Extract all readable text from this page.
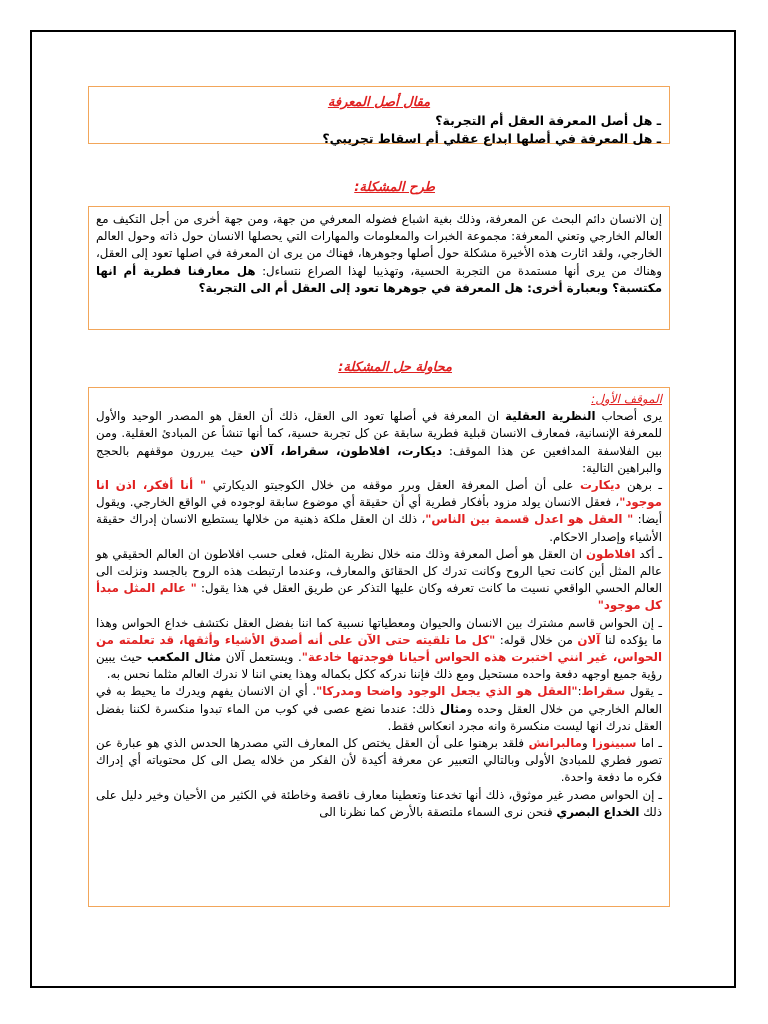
مقال أصل المعرفة

ـ هل أصل المعرفة العقل أم التجربة؟

ـ هل المعرفة في أصلها ابداع عقلي أم اسقاط تجريبي؟

طرح المشكلة:

إن الانسان دائم البحث عن المعرفة، وذلك بغية اشباع فضوله المعرفي من جهة، ومن جهة أخرى من أجل التكيف مع العالم الخارجي وتعني المعرفة: مجموعة الخبرات والمعلومات والمهارات التي يحصلها الانسان حول ذاته وحول العالم الخارجي، ولقد اثارت هذه الأخيرة مشكلة حول أصلها وجوهرها، فهناك من يرى ان المعرفة في اصلها تعود إلى العقل، وهناك من يرى أنها مستمدة من التجربة الحسية، وتهذيبا لهذا الصراع نتساءل: هل معارفنا فطرية أم انها مكتسبة؟ وبعبارة أخرى: هل المعرفة في جوهرها تعود إلى العقل أم الى التجربة؟

محاولة حل المشكلة:

الموقف الأول:

يرى أصحاب النظرية العقلية ان المعرفة في أصلها تعود الى العقل، ذلك أن العقل هو المصدر الوحيد والأول للمعرفة الإنسانية، فمعارف الانسان قبلية فطرية سابقة عن كل تجربة حسية، كما أنها تنشأ عن المبادئ العقلية. ومن بين الفلاسفة المدافعين عن هذا الموقف: ديكارت، افلاطون، سقراط، آلان حيث يبررون موقفهم بالحجج والبراهين التالية:

ـ برهن ديكارت على أن أصل المعرفة العقل وبرر موقفه من خلال الكوجيتو الديكارتي " أنا أفكر، اذن انا موجود"، فعقل الانسان يولد مزود بأفكار فطرية أي أن حقيقة أي موضوع سابقة لوجوده في الواقع الخارجي. ويقول أيضا: " العقل هو اعدل قسمة بين الناس"، ذلك ان العقل ملكة ذهنية من خلالها يستطيع الانسان إدراك حقيقة الأشياء وإصدار الاحكام.

ـ أكد افلاطون ان العقل هو أصل المعرفة وذلك منه خلال نظرية المثل، فعلى حسب افلاطون ان العالم الحقيقي هو عالم المثل أين كانت تحيا الروح وكانت تدرك كل الحقائق والمعارف، وعندما ارتبطت هذه الروح بالجسد ونزلت الى العالم الحسي الواقعي نسيت ما كانت تعرفه وكان عليها التذكر عن طريق العقل في هذا يقول: " عالم المثل مبدأ كل موجود"

ـ إن الحواس قاسم مشترك بين الانسان والحيوان ومعطياتها نسبية كما اننا بفضل العقل نكتشف خداع الحواس وهذا ما يؤكده لنا آلان من خلال قوله: "كل ما تلقيته حتى الآن على أنه أصدق الأشياء وأثقها، قد تعلمته من الحواس، غير انني اختبرت هذه الحواس أحيانا فوجدتها خادعة". ويستعمل آلان مثال المكعب حيث يبين رؤية جميع اوجهه دفعة واحده مستحيل ومع ذلك فإننا ندركه ككل بكماله وهذا يعني اننا لا ندرك العالم مثلما نحس به.

ـ يقول سقراط:"العقل هو الذي يجعل الوجود واضحا ومدركا". أي ان الانسان يفهم ويدرك ما يحيط به في العالم الخارجي من خلال العقل وحده ومثال ذلك: عندما نضع عصى في كوب من الماء تبدوا منكسرة لكننا بفضل العقل ندرك انها ليست منكسرة وانه مجرد انعكاس فقط.

ـ اما سبينوزا ومالبرانش فلقد برهنوا على أن العقل يختص كل المعارف التي مصدرها الحدس الذي هو عبارة عن تصور فطري للمبادئ الأولى وبالتالي التعبير عن معرفة أكيدة لأن الفكر من خلاله يصل الى كل محتوياته أي إدراك فكره ما دفعة واحدة.

ـ إن الحواس مصدر غير موثوق، ذلك أنها تخدعنا وتعطينا معارف ناقصة وخاطئة في الكثير من الأحيان وخير دليل على ذلك الخداع البصري فنحن نرى السماء ملتصقة بالأرض كما نظرنا الى
